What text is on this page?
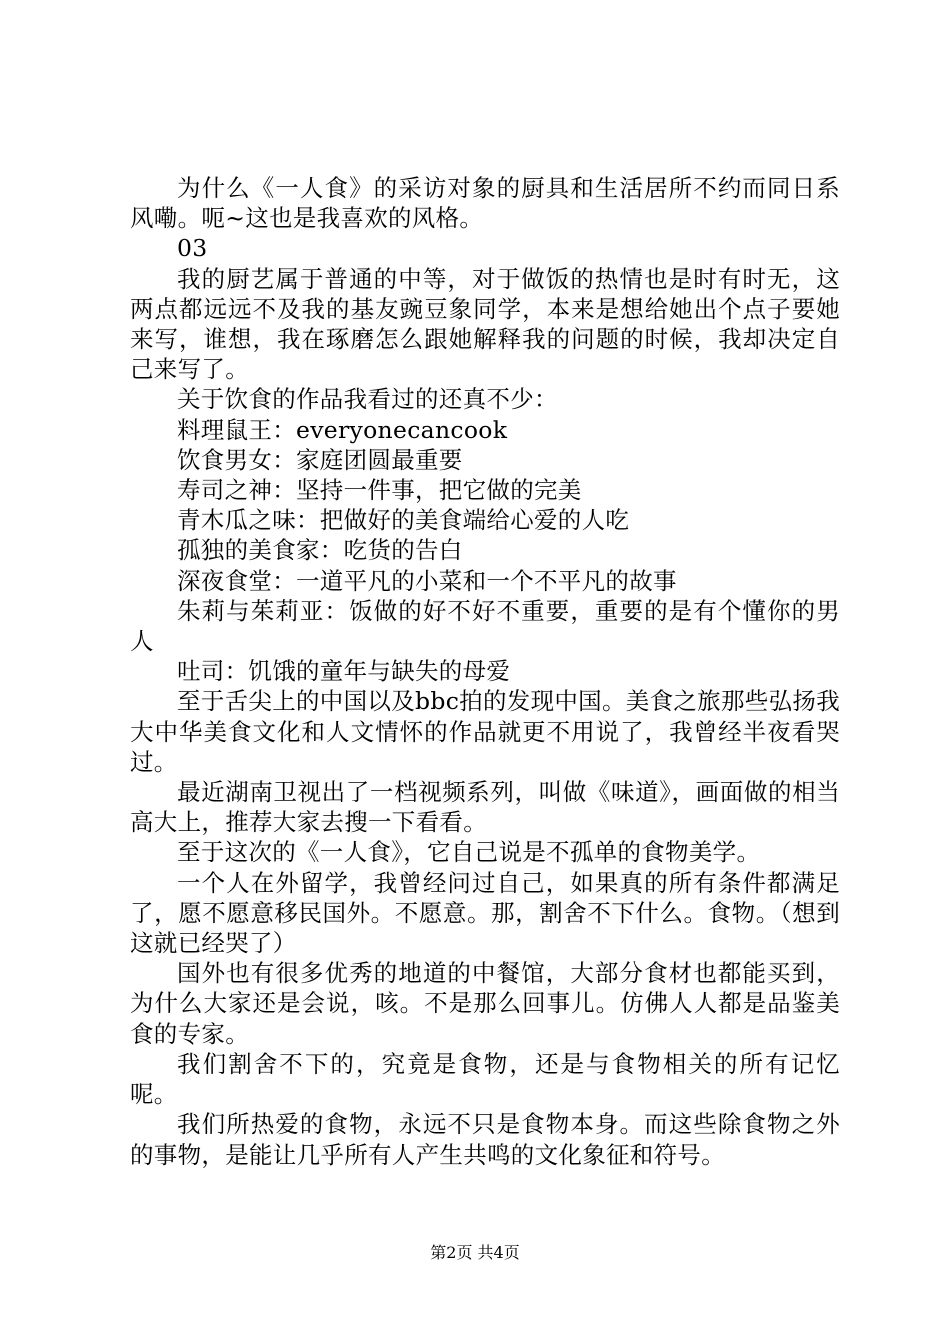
为什么《一人食》的采访对象的厨具和生活居所不约而同日系风嘞。呃~这也是我喜欢的风格。

03

我的厨艺属于普通的中等，对于做饭的热情也是时有时无，这两点都远远不及我的基友豌豆象同学，本来是想给她出个点子要她来写，谁想，我在琢磨怎么跟她解释我的问题的时候，我却决定自己来写了。

关于饮食的作品我看过的还真不少：

料理鼠王：everyonecancook

饮食男女：家庭团圆最重要

寿司之神：坚持一件事，把它做的完美

青木瓜之味：把做好的美食端给心爱的人吃

孤独的美食家：吃货的告白

深夜食堂：一道平凡的小菜和一个不平凡的故事

朱莉与茱莉亚：饭做的好不好不重要，重要的是有个懂你的男人

吐司：饥饿的童年与缺失的母爱

至于舌尖上的中国以及bbc拍的发现中国。美食之旅那些弘扬我大中华美食文化和人文情怀的作品就更不用说了，我曾经半夜看哭过。

最近湖南卫视出了一档视频系列，叫做《味道》，画面做的相当高大上，推荐大家去搜一下看看。

至于这次的《一人食》，它自己说是不孤单的食物美学。

一个人在外留学，我曾经问过自己，如果真的所有条件都满足了，愿不愿意移民国外。不愿意。那，割舍不下什么。食物。（想到这就已经哭了）

国外也有很多优秀的地道的中餐馆，大部分食材也都能买到，为什么大家还是会说，咳。不是那么回事儿。仿佛人人都是品鉴美食的专家。

我们割舍不下的，究竟是食物，还是与食物相关的所有记忆呢。

我们所热爱的食物，永远不只是食物本身。而这些除食物之外的事物，是能让几乎所有人产生共鸣的文化象征和符号。

第2页 共4页
